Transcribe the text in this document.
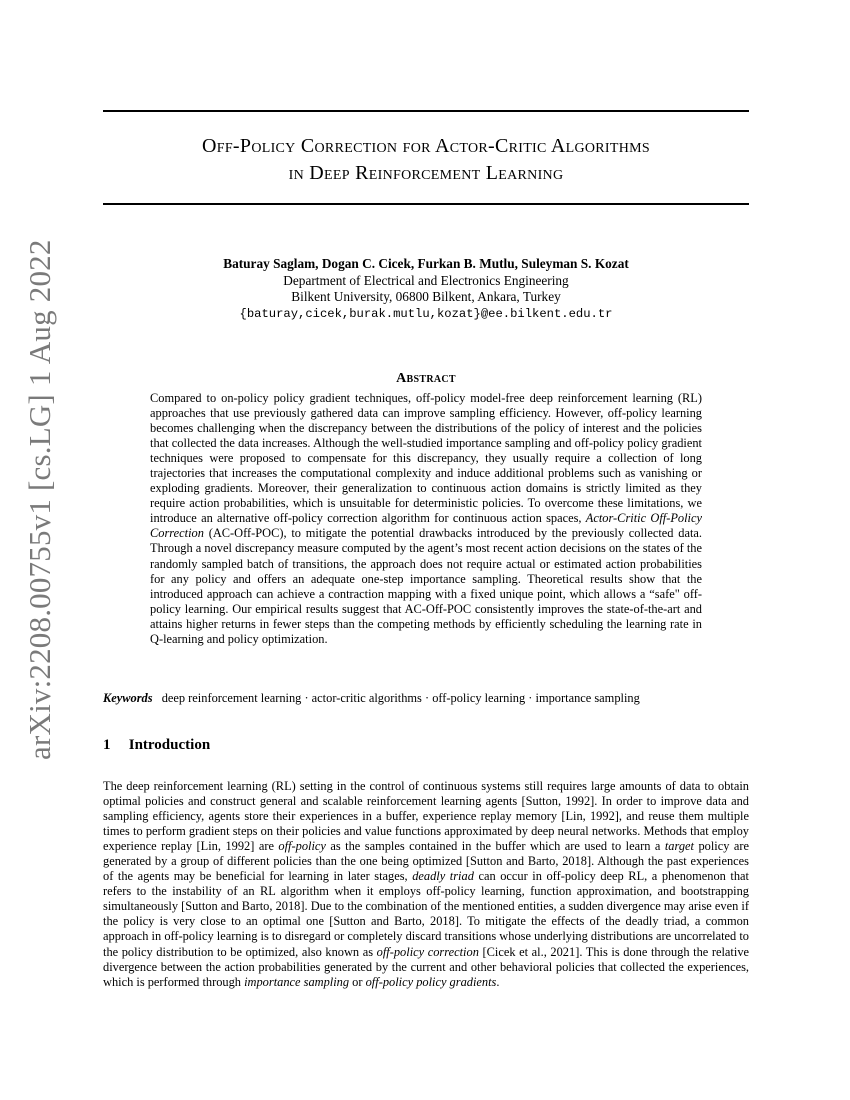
arXiv:2208.00755v1 [cs.LG] 1 Aug 2022
Off-Policy Correction for Actor-Critic Algorithms
in Deep Reinforcement Learning
Baturay Saglam, Dogan C. Cicek, Furkan B. Mutlu, Suleyman S. Kozat
Department of Electrical and Electronics Engineering
Bilkent University, 06800 Bilkent, Ankara, Turkey
{baturay,cicek,burak.mutlu,kozat}@ee.bilkent.edu.tr
Abstract

Compared to on-policy policy gradient techniques, off-policy model-free deep reinforcement learning (RL) approaches that use previously gathered data can improve sampling efficiency. However, off-policy learning becomes challenging when the discrepancy between the distributions of the policy of interest and the policies that collected the data increases. Although the well-studied importance sampling and off-policy policy gradient techniques were proposed to compensate for this discrepancy, they usually require a collection of long trajectories that increases the computational complexity and induce additional problems such as vanishing or exploding gradients. Moreover, their generalization to continuous action domains is strictly limited as they require action probabilities, which is unsuitable for deterministic policies. To overcome these limitations, we introduce an alternative off-policy correction algorithm for continuous action spaces, Actor-Critic Off-Policy Correction (AC-Off-POC), to mitigate the potential drawbacks introduced by the previously collected data. Through a novel discrepancy measure computed by the agent’s most recent action decisions on the states of the randomly sampled batch of transitions, the approach does not require actual or estimated action probabilities for any policy and offers an adequate one-step importance sampling. Theoretical results show that the introduced approach can achieve a contraction mapping with a fixed unique point, which allows a “safe" off-policy learning. Our empirical results suggest that AC-Off-POC consistently improves the state-of-the-art and attains higher returns in fewer steps than the competing methods by efficiently scheduling the learning rate in Q-learning and policy optimization.

Keywords deep reinforcement learning · actor-critic algorithms · off-policy learning · importance sampling
1 Introduction

The deep reinforcement learning (RL) setting in the control of continuous systems still requires large amounts of data to obtain optimal policies and construct general and scalable reinforcement learning agents [Sutton, 1992]. In order to improve data and sampling efficiency, agents store their experiences in a buffer, experience replay memory [Lin, 1992], and reuse them multiple times to perform gradient steps on their policies and value functions approximated by deep neural networks. Methods that employ experience replay [Lin, 1992] are off-policy as the samples contained in the buffer which are used to learn a target policy are generated by a group of different policies than the one being optimized [Sutton and Barto, 2018]. Although the past experiences of the agents may be beneficial for learning in later stages, deadly triad can occur in off-policy deep RL, a phenomenon that refers to the instability of an RL algorithm when it employs off-policy learning, function approximation, and bootstrapping simultaneously [Sutton and Barto, 2018]. Due to the combination of the mentioned entities, a sudden divergence may arise even if the policy is very close to an optimal one [Sutton and Barto, 2018]. To mitigate the effects of the deadly triad, a common approach in off-policy learning is to disregard or completely discard transitions whose underlying distributions are uncorrelated to the policy distribution to be optimized, also known as off-policy correction [Cicek et al., 2021]. This is done through the relative divergence between the action probabilities generated by the current and other behavioral policies that collected the experiences, which is performed through importance sampling or off-policy policy gradients.
